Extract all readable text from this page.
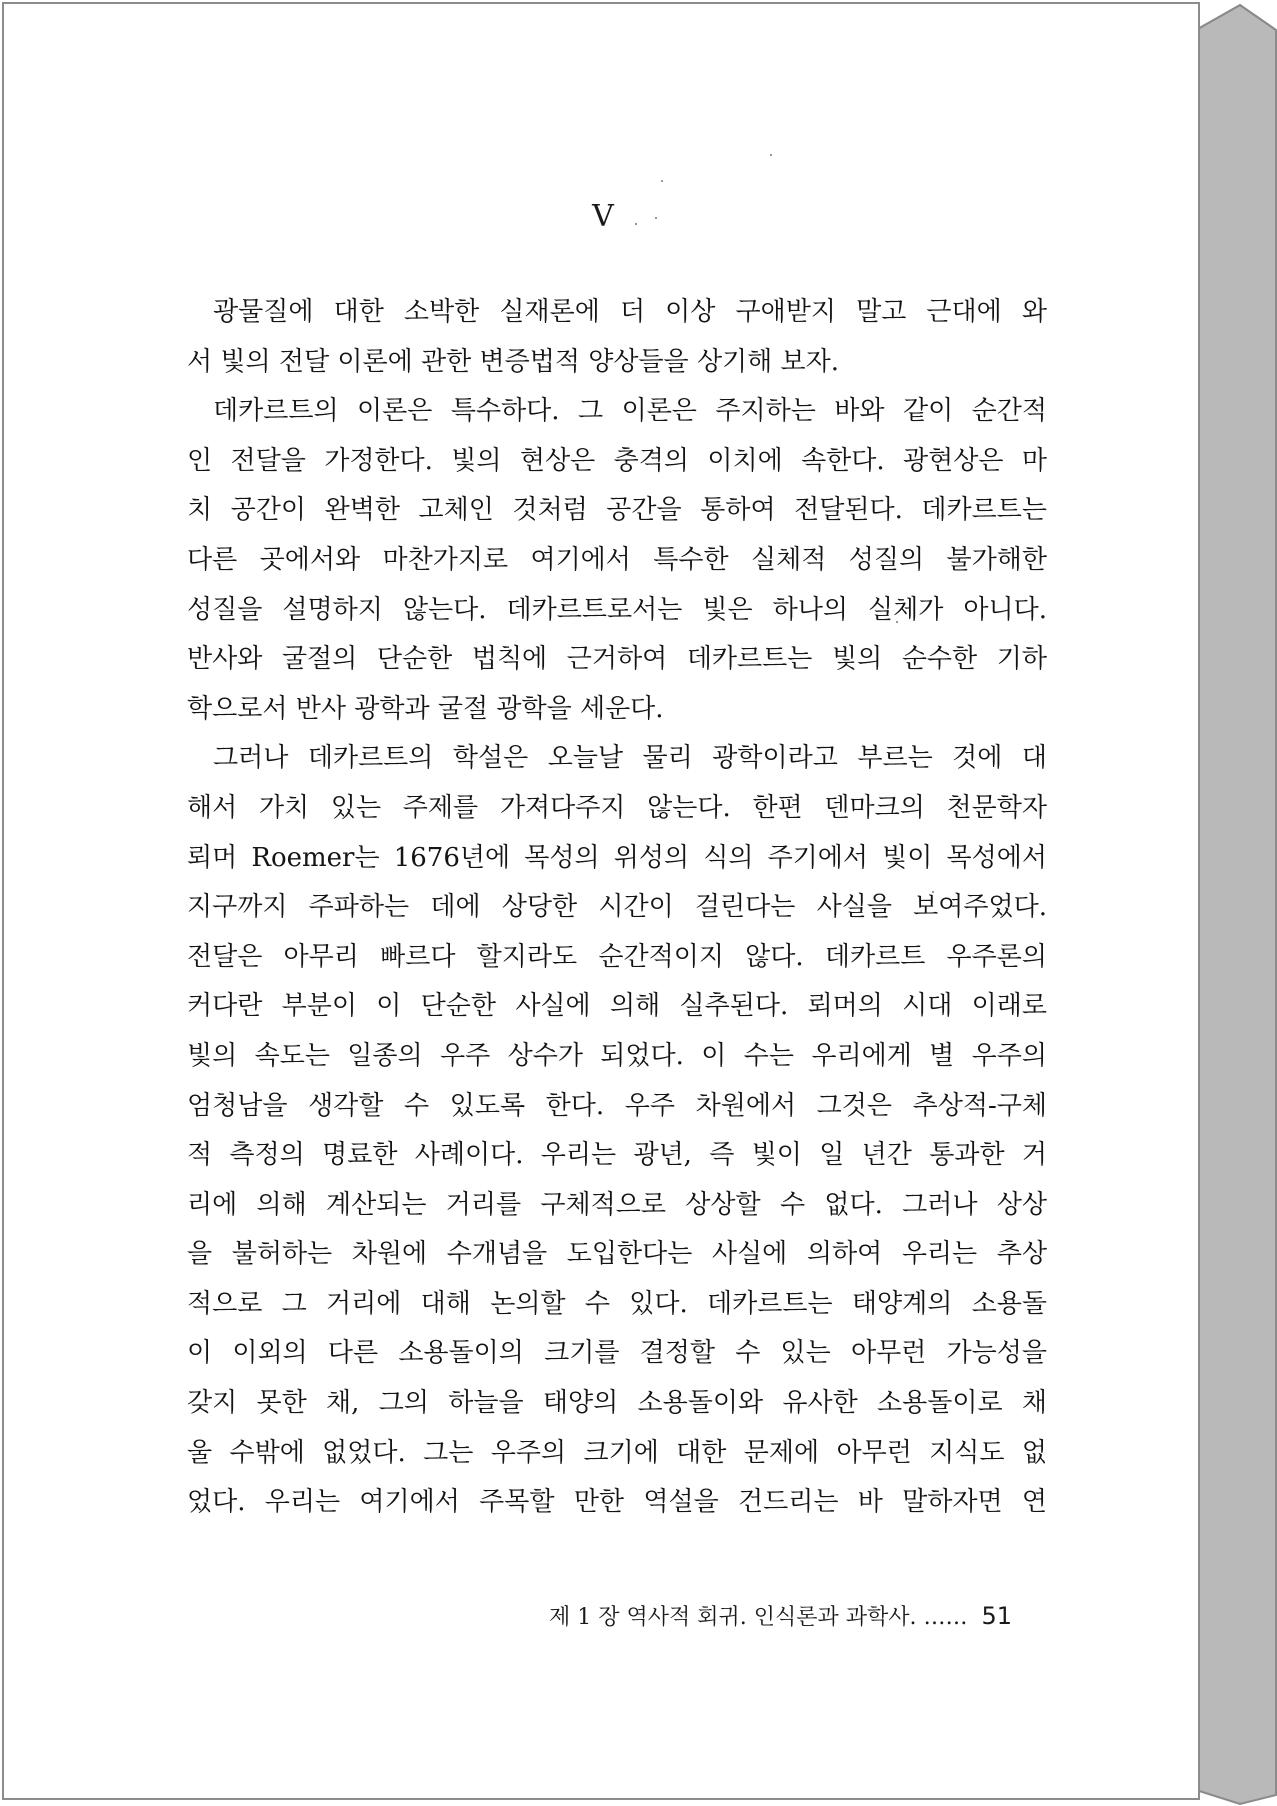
V
광물질에 대한 소박한 실재론에 더 이상 구애받지 말고 근대에 와
서 빛의 전달 이론에 관한 변증법적 양상들을 상기해 보자.
데카르트의 이론은 특수하다. 그 이론은 주지하는 바와 같이 순간적
인 전달을 가정한다. 빛의 현상은 충격의 이치에 속한다. 광현상은 마
치 공간이 완벽한 고체인 것처럼 공간을 통하여 전달된다. 데카르트는
다른 곳에서와 마찬가지로 여기에서 특수한 실체적 성질의 불가해한
성질을 설명하지 않는다. 데카르트로서는 빛은 하나의 실체가 아니다.
반사와 굴절의 단순한 법칙에 근거하여 데카르트는 빛의 순수한 기하
학으로서 반사 광학과 굴절 광학을 세운다.
그러나 데카르트의 학설은 오늘날 물리 광학이라고 부르는 것에 대
해서 가치 있는 주제를 가져다주지 않는다. 한편 덴마크의 천문학자
뢰머 Roemer는 1676년에 목성의 위성의 식의 주기에서 빛이 목성에서
지구까지 주파하는 데에 상당한 시간이 걸린다는 사실을 보여주었다.
전달은 아무리 빠르다 할지라도 순간적이지 않다. 데카르트 우주론의
커다란 부분이 이 단순한 사실에 의해 실추된다. 뢰머의 시대 이래로
빛의 속도는 일종의 우주 상수가 되었다. 이 수는 우리에게 별 우주의
엄청남을 생각할 수 있도록 한다. 우주 차원에서 그것은 추상적-구체
적 측정의 명료한 사례이다. 우리는 광년, 즉 빛이 일 년간 통과한 거
리에 의해 계산되는 거리를 구체적으로 상상할 수 없다. 그러나 상상
을 불허하는 차원에 수개념을 도입한다는 사실에 의하여 우리는 추상
적으로 그 거리에 대해 논의할 수 있다. 데카르트는 태양계의 소용돌
이 이외의 다른 소용돌이의 크기를 결정할 수 있는 아무런 가능성을
갖지 못한 채, 그의 하늘을 태양의 소용돌이와 유사한 소용돌이로 채
울 수밖에 없었다. 그는 우주의 크기에 대한 문제에 아무런 지식도 없
었다. 우리는 여기에서 주목할 만한 역설을 건드리는 바 말하자면 연
제 1 장 역사적 회귀. 인식론과 과학사. …… 51
